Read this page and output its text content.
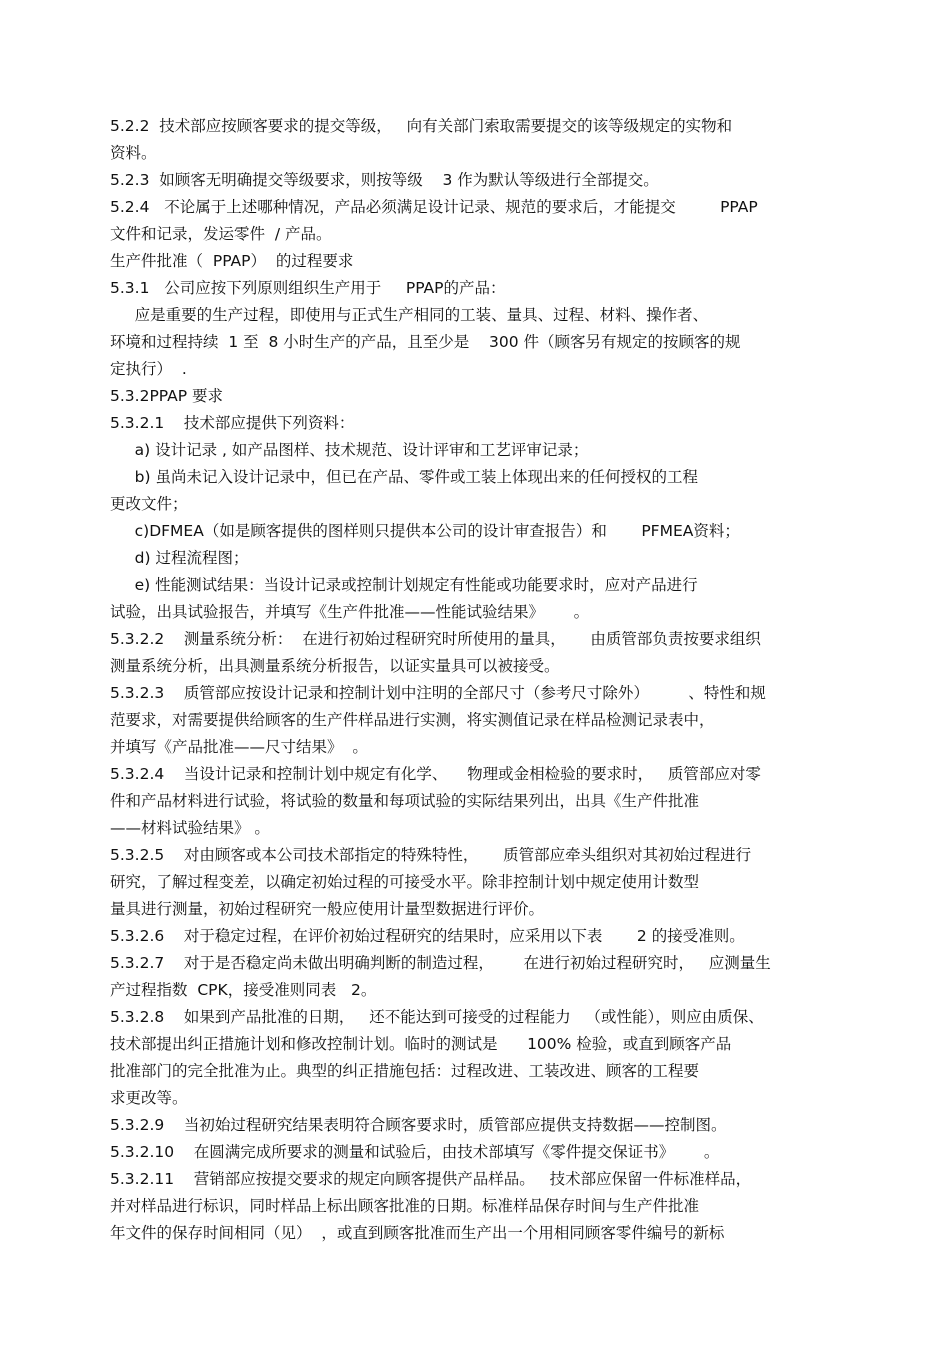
5.2.2  技术部应按顾客要求的提交等级，   向有关部门索取需要提交的该等级规定的实物和
资料。
5.2.3  如顾客无明确提交等级要求，则按等级    3 作为默认等级进行全部提交。
5.2.4   不论属于上述哪种情况，产品必须满足设计记录、规范的要求后，才能提交         PPAP
文件和记录，发运零件  / 产品。
生产件批准（  PPAP）  的过程要求
5.3.1   公司应按下列原则组织生产用于     PPAP的产品：
应是重要的生产过程，即使用与正式生产相同的工装、量具、过程、材料、操作者、
环境和过程持续  1 至  8 小时生产的产品，且至少是    300 件（顾客另有规定的按顾客的规
定执行）  .
5.3.2PPAP 要求
5.3.2.1    技术部应提供下列资料：
a) 设计记录 , 如产品图样、技术规范、设计评审和工艺评审记录；
b) 虽尚未记入设计记录中，但已在产品、零件或工装上体现出来的任何授权的工程
更改文件；
c)DFMEA（如是顾客提供的图样则只提供本公司的设计审查报告）和       PFMEA资料；
d) 过程流程图；
e) 性能测试结果：当设计记录或控制计划规定有性能或功能要求时，应对产品进行
试验，出具试验报告，并填写《生产件批准——性能试验结果》      。
5.3.2.2    测量系统分析：  在进行初始过程研究时所使用的量具，     由质管部负责按要求组织
测量系统分析，出具测量系统分析报告，以证实量具可以被接受。
5.3.2.3    质管部应按设计记录和控制计划中注明的全部尺寸（参考尺寸除外）        、特性和规
范要求，对需要提供给顾客的生产件样品进行实测，将实测值记录在样品检测记录表中，
并填写《产品批准——尺寸结果》  。
5.3.2.4    当设计记录和控制计划中规定有化学、    物理或金相检验的要求时，   质管部应对零
件和产品材料进行试验，将试验的数量和每项试验的实际结果列出，出具《生产件批准
——材料试验结果》 。
5.3.2.5    对由顾客或本公司技术部指定的特殊特性，     质管部应牵头组织对其初始过程进行
研究，了解过程变差，以确定初始过程的可接受水平。除非控制计划中规定使用计数型
量具进行测量，初始过程研究一般应使用计量型数据进行评价。
5.3.2.6    对于稳定过程，在评价初始过程研究的结果时，应采用以下表       2 的接受准则。
5.3.2.7    对于是否稳定尚未做出明确判断的制造过程，      在进行初始过程研究时，   应测量生
产过程指数  CPK，接受准则同表   2。
5.3.2.8    如果到产品批准的日期，   还不能达到可接受的过程能力   （或性能），则应由质保、
技术部提出纠正措施计划和修改控制计划。临时的测试是      100% 检验，或直到顾客产品
批准部门的完全批准为止。典型的纠正措施包括：过程改进、工装改进、顾客的工程要
求更改等。
5.3.2.9    当初始过程研究结果表明符合顾客要求时，质管部应提供支持数据——控制图。
5.3.2.10    在圆满完成所要求的测量和试验后，由技术部填写《零件提交保证书》      。
5.3.2.11    营销部应按提交要求的规定向顾客提供产品样品。   技术部应保留一件标准样品，
并对样品进行标识，同时样品上标出顾客批准的日期。标准样品保存时间与生产件批准
年文件的保存时间相同（见）  ，或直到顾客批准而生产出一个用相同顾客零件编号的新标
